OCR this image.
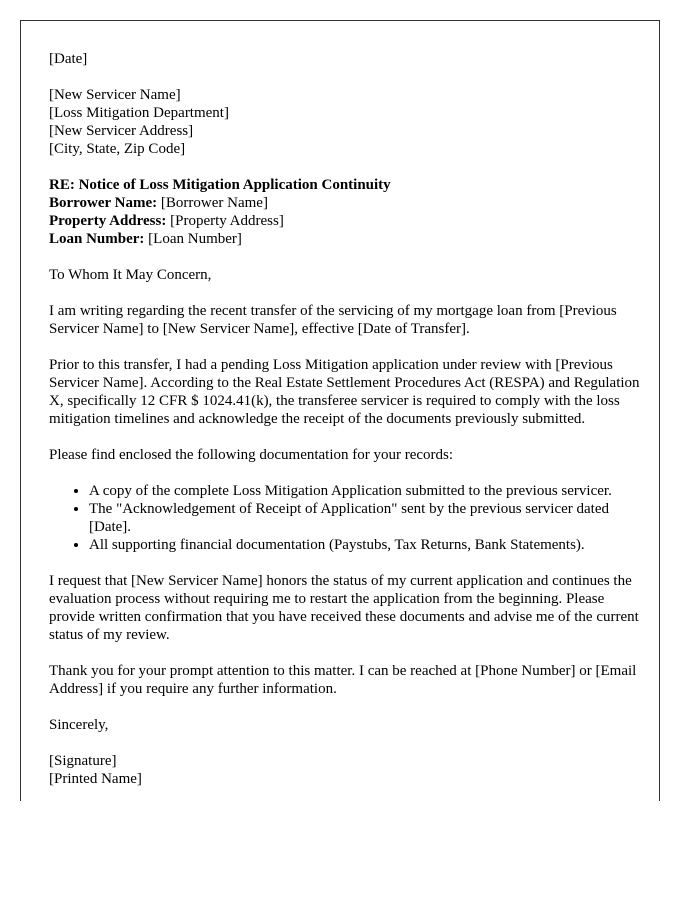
[Date]

[New Servicer Name]
[Loss Mitigation Department]
[New Servicer Address]
[City, State, Zip Code]

RE: Notice of Loss Mitigation Application Continuity
Borrower Name: [Borrower Name]
Property Address: [Property Address]
Loan Number: [Loan Number]

To Whom It May Concern,

I am writing regarding the recent transfer of the servicing of my mortgage loan from [Previous Servicer Name] to [New Servicer Name], effective [Date of Transfer].

Prior to this transfer, I had a pending Loss Mitigation application under review with [Previous Servicer Name]. According to the Real Estate Settlement Procedures Act (RESPA) and Regulation X, specifically 12 CFR $ 1024.41(k), the transferee servicer is required to comply with the loss mitigation timelines and acknowledge the receipt of the documents previously submitted.

Please find enclosed the following documentation for your records:

• A copy of the complete Loss Mitigation Application submitted to the previous servicer.
• The "Acknowledgement of Receipt of Application" sent by the previous servicer dated [Date].
• All supporting financial documentation (Paystubs, Tax Returns, Bank Statements).

I request that [New Servicer Name] honors the status of my current application and continues the evaluation process without requiring me to restart the application from the beginning. Please provide written confirmation that you have received these documents and advise me of the current status of my review.

Thank you for your prompt attention to this matter. I can be reached at [Phone Number] or [Email Address] if you require any further information.

Sincerely,

[Signature]
[Printed Name]
